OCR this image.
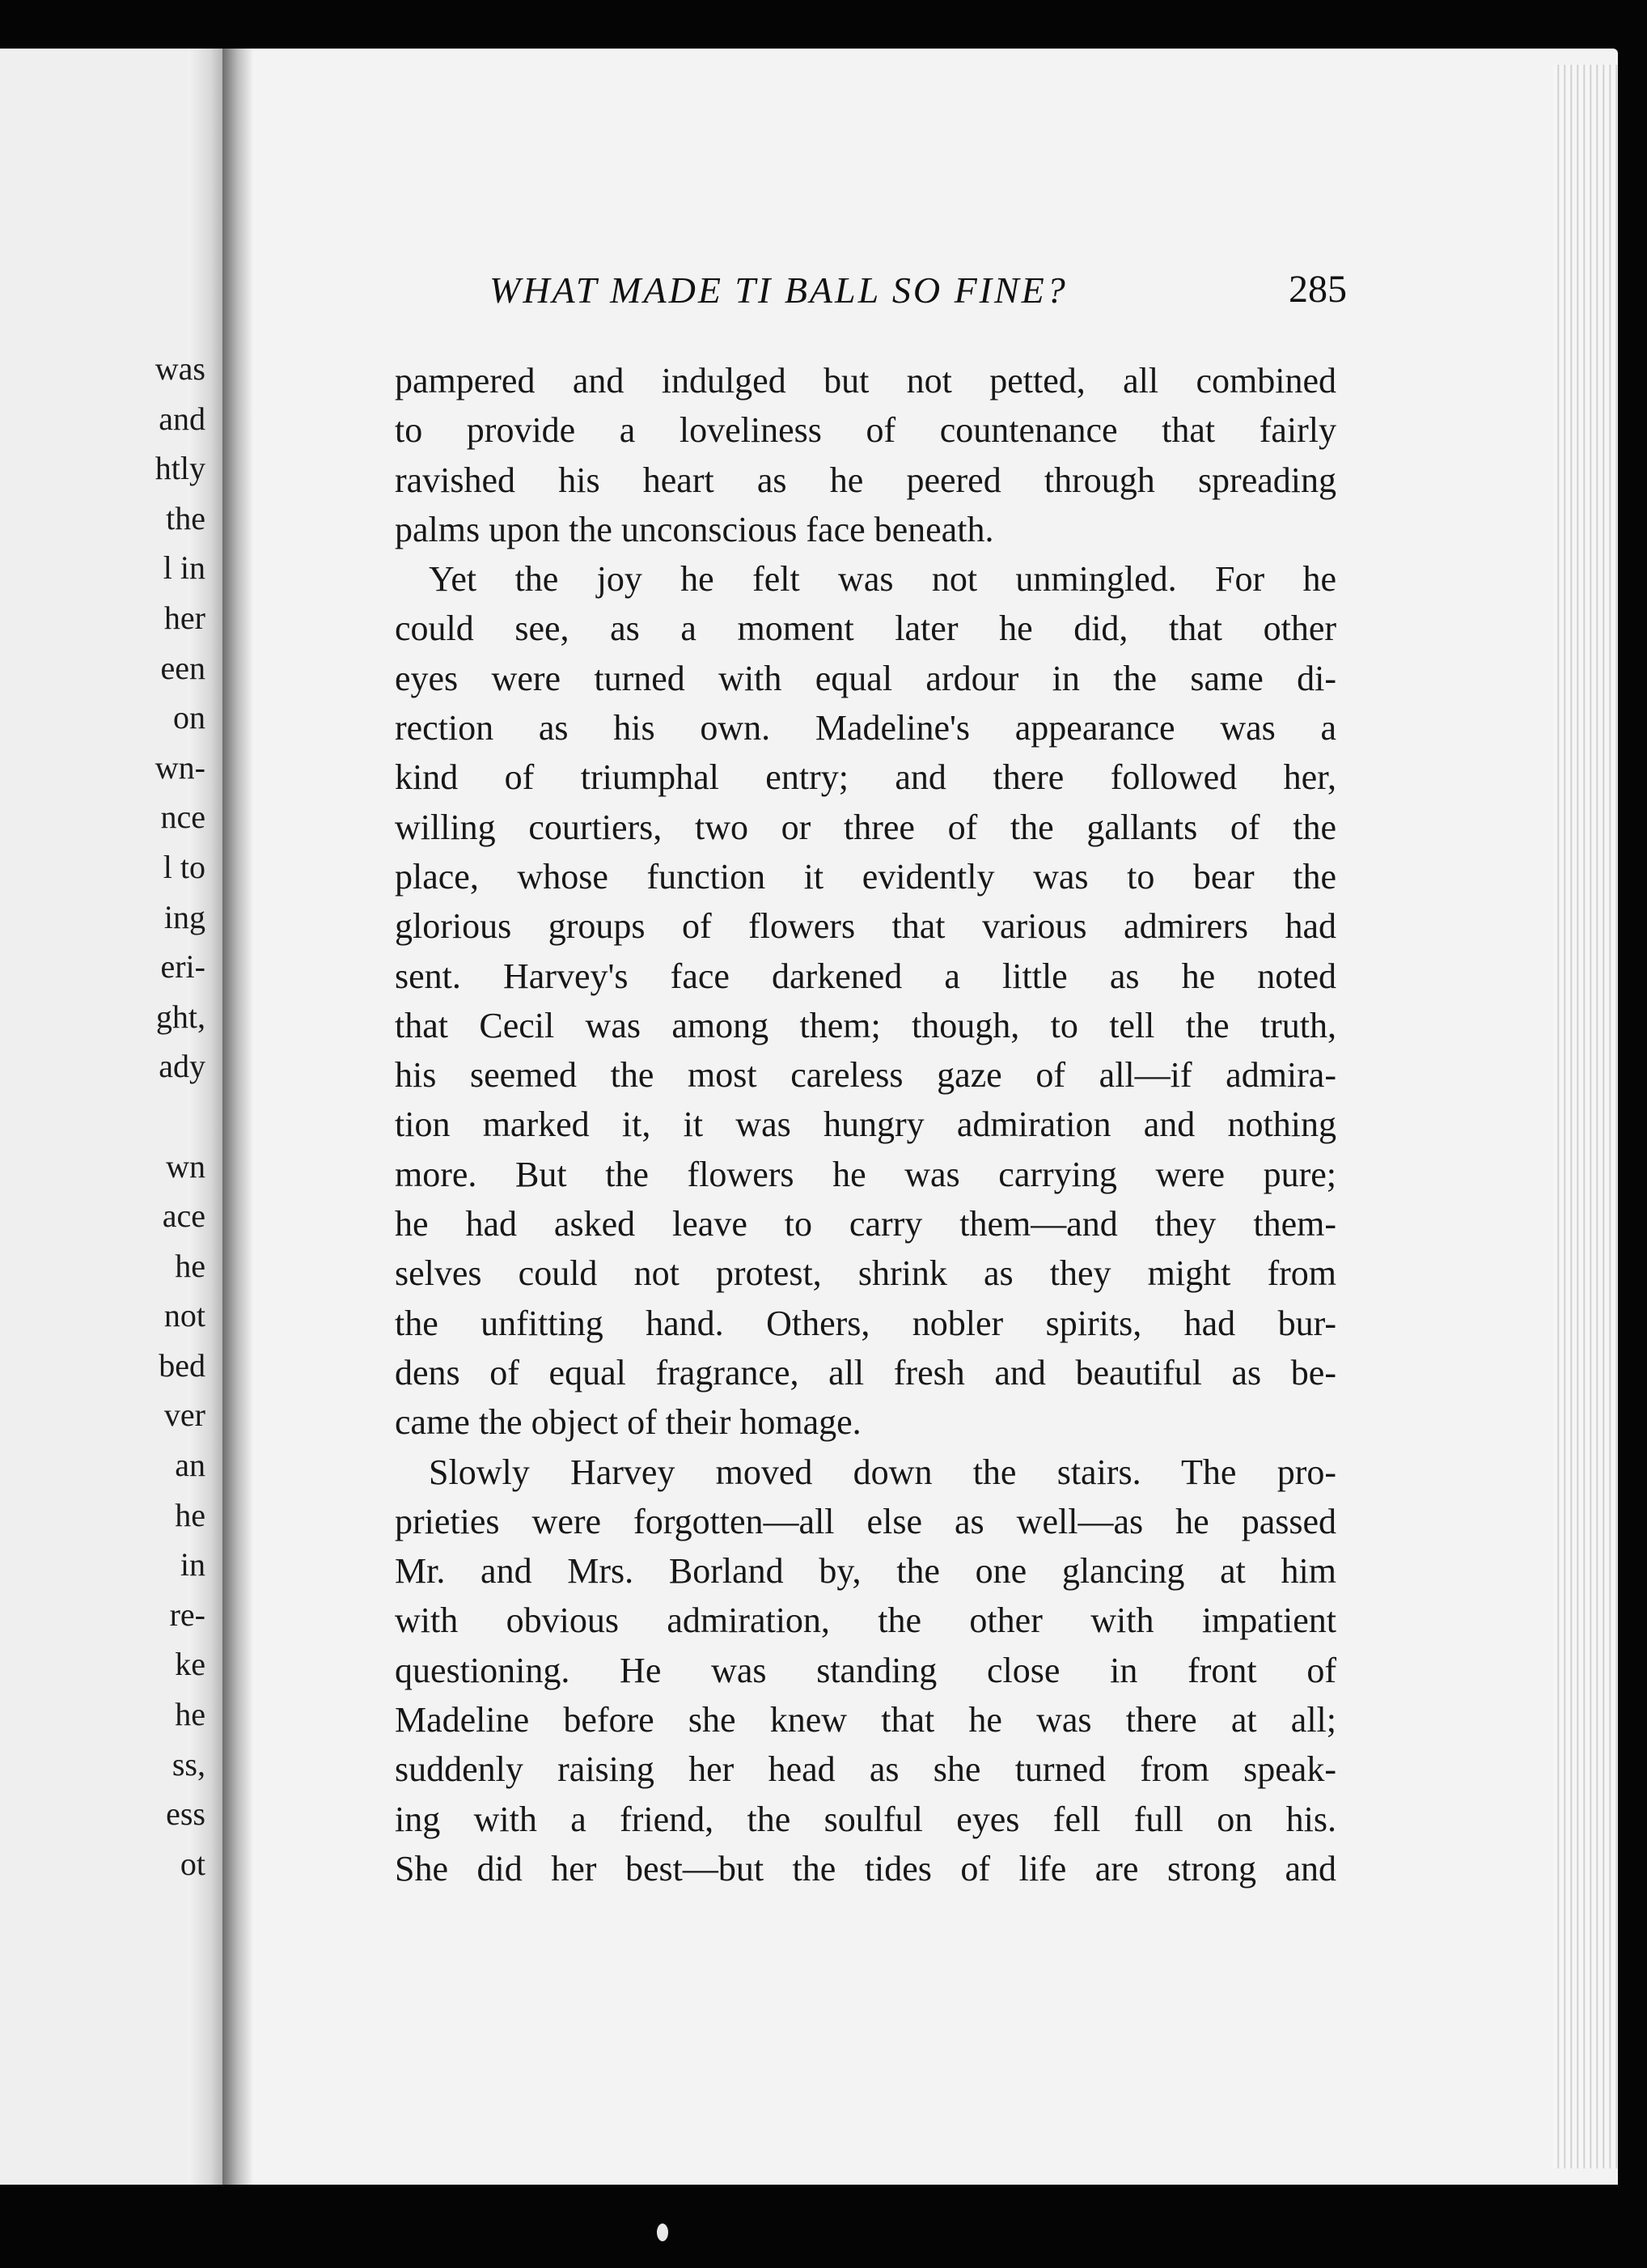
was
and
htly
the
l in
her
een
on
wn-
nce
l to
ing
eri-
ght,
ady
wn
ace
he
not
bed
ver
an
he
in
re-
ke
he
ss,
ess
ot
WHAT MADE TI BALL SO FINE?	285
pampered and indulged but not petted, all combined
to provide a loveliness of countenance that fairly
ravished his heart as he peered through spreading
palms upon the unconscious face beneath.
Yet the joy he felt was not unmingled. For he
could see, as a moment later he did, that other
eyes were turned with equal ardour in the same di-
rection as his own. Madeline's appearance was a
kind of triumphal entry; and there followed her,
willing courtiers, two or three of the gallants of the
place, whose function it evidently was to bear the
glorious groups of flowers that various admirers had
sent. Harvey's face darkened a little as he noted
that Cecil was among them; though, to tell the truth,
his seemed the most careless gaze of all—if admira-
tion marked it, it was hungry admiration and nothing
more. But the flowers he was carrying were pure;
he had asked leave to carry them—and they them-
selves could not protest, shrink as they might from
the unfitting hand. Others, nobler spirits, had bur-
dens of equal fragrance, all fresh and beautiful as be-
came the object of their homage.
Slowly Harvey moved down the stairs. The pro-
prieties were forgotten—all else as well—as he passed
Mr. and Mrs. Borland by, the one glancing at him
with obvious admiration, the other with impatient
questioning. He was standing close in front of
Madeline before she knew that he was there at all;
suddenly raising her head as she turned from speak-
ing with a friend, the soulful eyes fell full on his.
She did her best—but the tides of life are strong and
